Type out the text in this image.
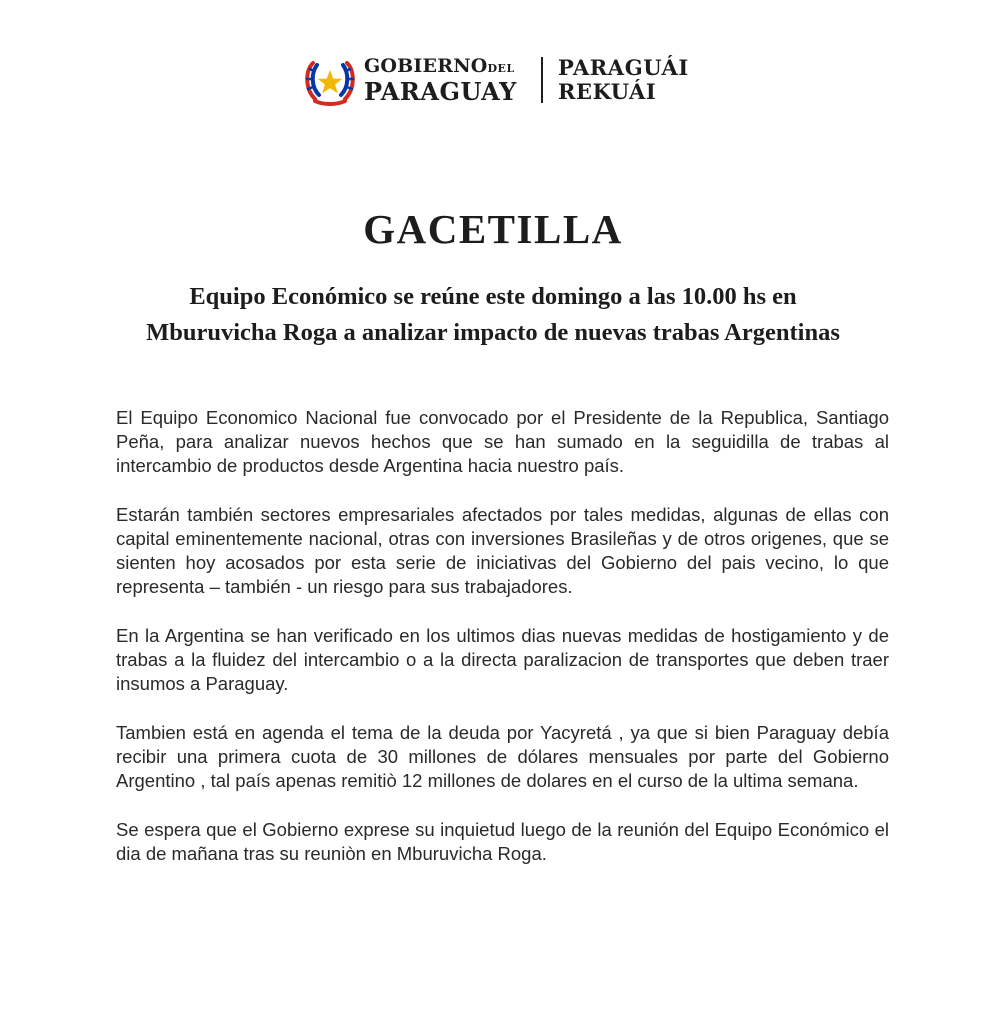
GOBIERNODEL
PARAGUAY
PARAGUÁI
REKUÁI
GACETILLA
Equipo Económico se reúne este domingo a las 10.00 hs en
Mburuvicha Roga a analizar impacto de nuevas trabas Argentinas

El Equipo Economico Nacional fue convocado por el Presidente de la Republica, Santiago Peña, para analizar nuevos hechos que se han sumado en la seguidilla de trabas al intercambio de productos desde Argentina hacia nuestro país.

Estarán también sectores empresariales afectados por tales medidas, algunas de ellas con capital eminentemente nacional, otras con inversiones Brasileñas y de otros origenes, que se sienten hoy acosados por esta serie de iniciativas del Gobierno del pais vecino, lo que representa – también - un riesgo para sus trabajadores.

En la Argentina se han verificado en los ultimos dias nuevas medidas de hostigamiento y de trabas a la fluidez del intercambio o a la directa paralizacion de transportes que deben traer insumos a Paraguay.

Tambien está en agenda el tema de la deuda por Yacyretá , ya que si bien Paraguay debía recibir una primera cuota de 30 millones de dólares mensuales por parte del Gobierno Argentino , tal país apenas remitiò 12 millones de dolares en el curso de la ultima semana.

Se espera que el Gobierno exprese su inquietud luego de la reunión del Equipo Económico el dia de mañana tras su reuniòn en Mburuvicha Roga.
